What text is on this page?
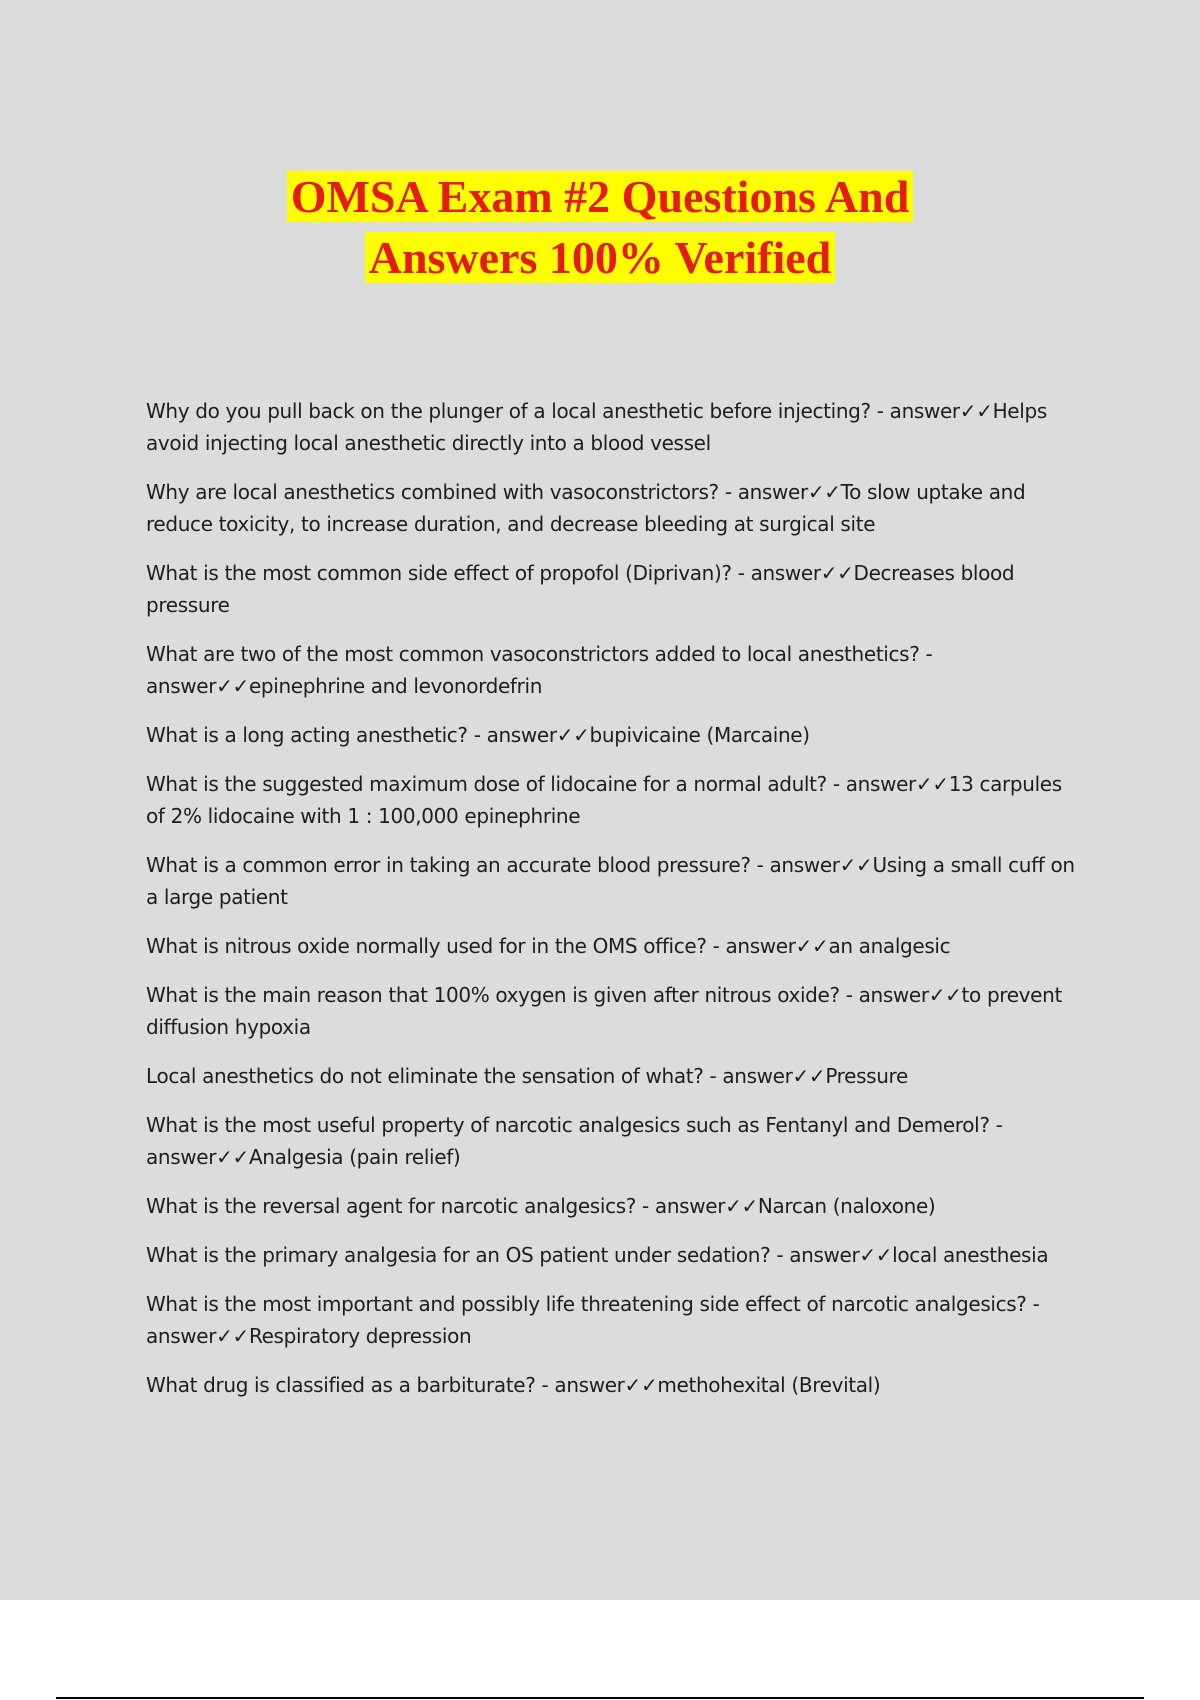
OMSA Exam #2 Questions And
Answers 100% Verified
Why do you pull back on the plunger of a local anesthetic before injecting? - answer✓✓Helps avoid injecting local anesthetic directly into a blood vessel
Why are local anesthetics combined with vasoconstrictors? - answer✓✓To slow uptake and reduce toxicity, to increase duration, and decrease bleeding at surgical site
What is the most common side effect of propofol (Diprivan)? - answer✓✓Decreases blood pressure
What are two of the most common vasoconstrictors added to local anesthetics? - answer✓✓epinephrine and levonordefrin
What is a long acting anesthetic? - answer✓✓bupivicaine (Marcaine)
What is the suggested maximum dose of lidocaine for a normal adult? - answer✓✓13 carpules of 2% lidocaine with 1 : 100,000 epinephrine
What is a common error in taking an accurate blood pressure? - answer✓✓Using a small cuff on a large patient
What is nitrous oxide normally used for in the OMS office? - answer✓✓an analgesic
What is the main reason that 100% oxygen is given after nitrous oxide? - answer✓✓to prevent diffusion hypoxia
Local anesthetics do not eliminate the sensation of what? - answer✓✓Pressure
What is the most useful property of narcotic analgesics such as Fentanyl and Demerol? - answer✓✓Analgesia (pain relief)
What is the reversal agent for narcotic analgesics? - answer✓✓Narcan (naloxone)
What is the primary analgesia for an OS patient under sedation? - answer✓✓local anesthesia
What is the most important and possibly life threatening side effect of narcotic analgesics? - answer✓✓Respiratory depression
What drug is classified as a barbiturate? - answer✓✓methohexital (Brevital)
